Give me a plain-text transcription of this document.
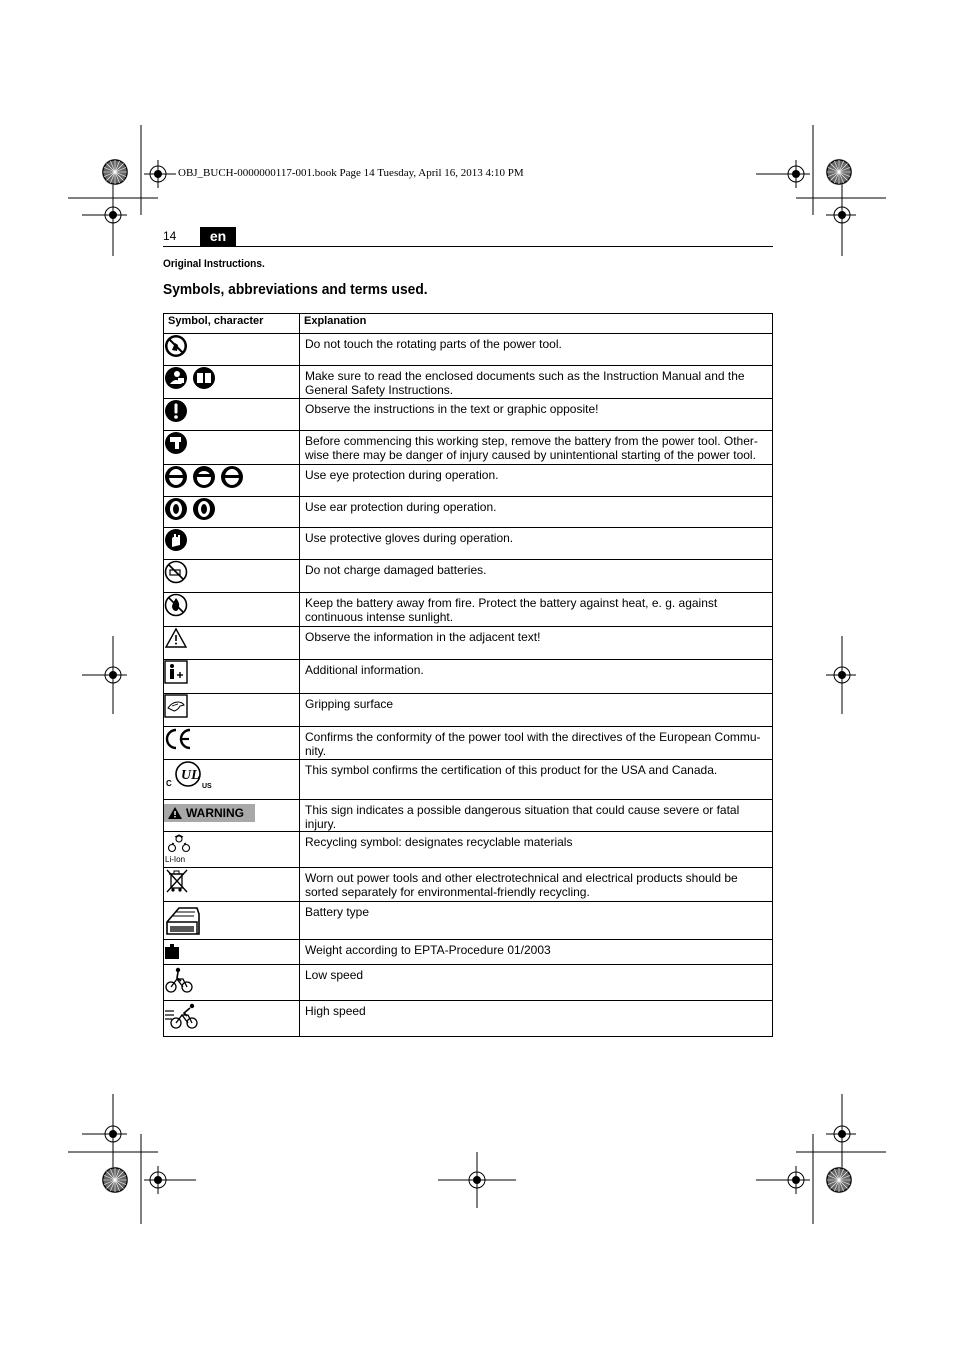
OBJ_BUCH-0000000117-001.book Page 14 Tuesday, April 16, 2013 4:10 PM
14	en
Original Instructions.
Symbols, abbreviations and terms used.
Symbol, character	Explanation
	Do not touch the rotating parts of the power tool.
	Make sure to read the enclosed documents such as the Instruction Manual and the General Safety Instructions.
	Observe the instructions in the text or graphic opposite!
	Before commencing this working step, remove the battery from the power tool. Other-wise there may be danger of injury caused by unintentional starting of the power tool.
	Use eye protection during operation.
	Use ear protection during operation.
	Use protective gloves during operation.
	Do not charge damaged batteries.
	Keep the battery away from fire. Protect the battery against heat, e. g. against continuous intense sunlight.
	Observe the information in the adjacent text!
	Additional information.
	Gripping surface
	Confirms the conformity of the power tool with the directives of the European Commu-nity.

UL
C US	This symbol confirms the certification of this product for the USA and Canada.

WARNING	This sign indicates a possible dangerous situation that could cause severe or fatal injury.

Li-Ion	Recycling symbol: designates recyclable materials
	Worn out power tools and other electrotechnical and electrical products should be sorted separately for environmental-friendly recycling.
	Battery type
	Weight according to EPTA-Procedure 01/2003
	Low speed
	High speed
